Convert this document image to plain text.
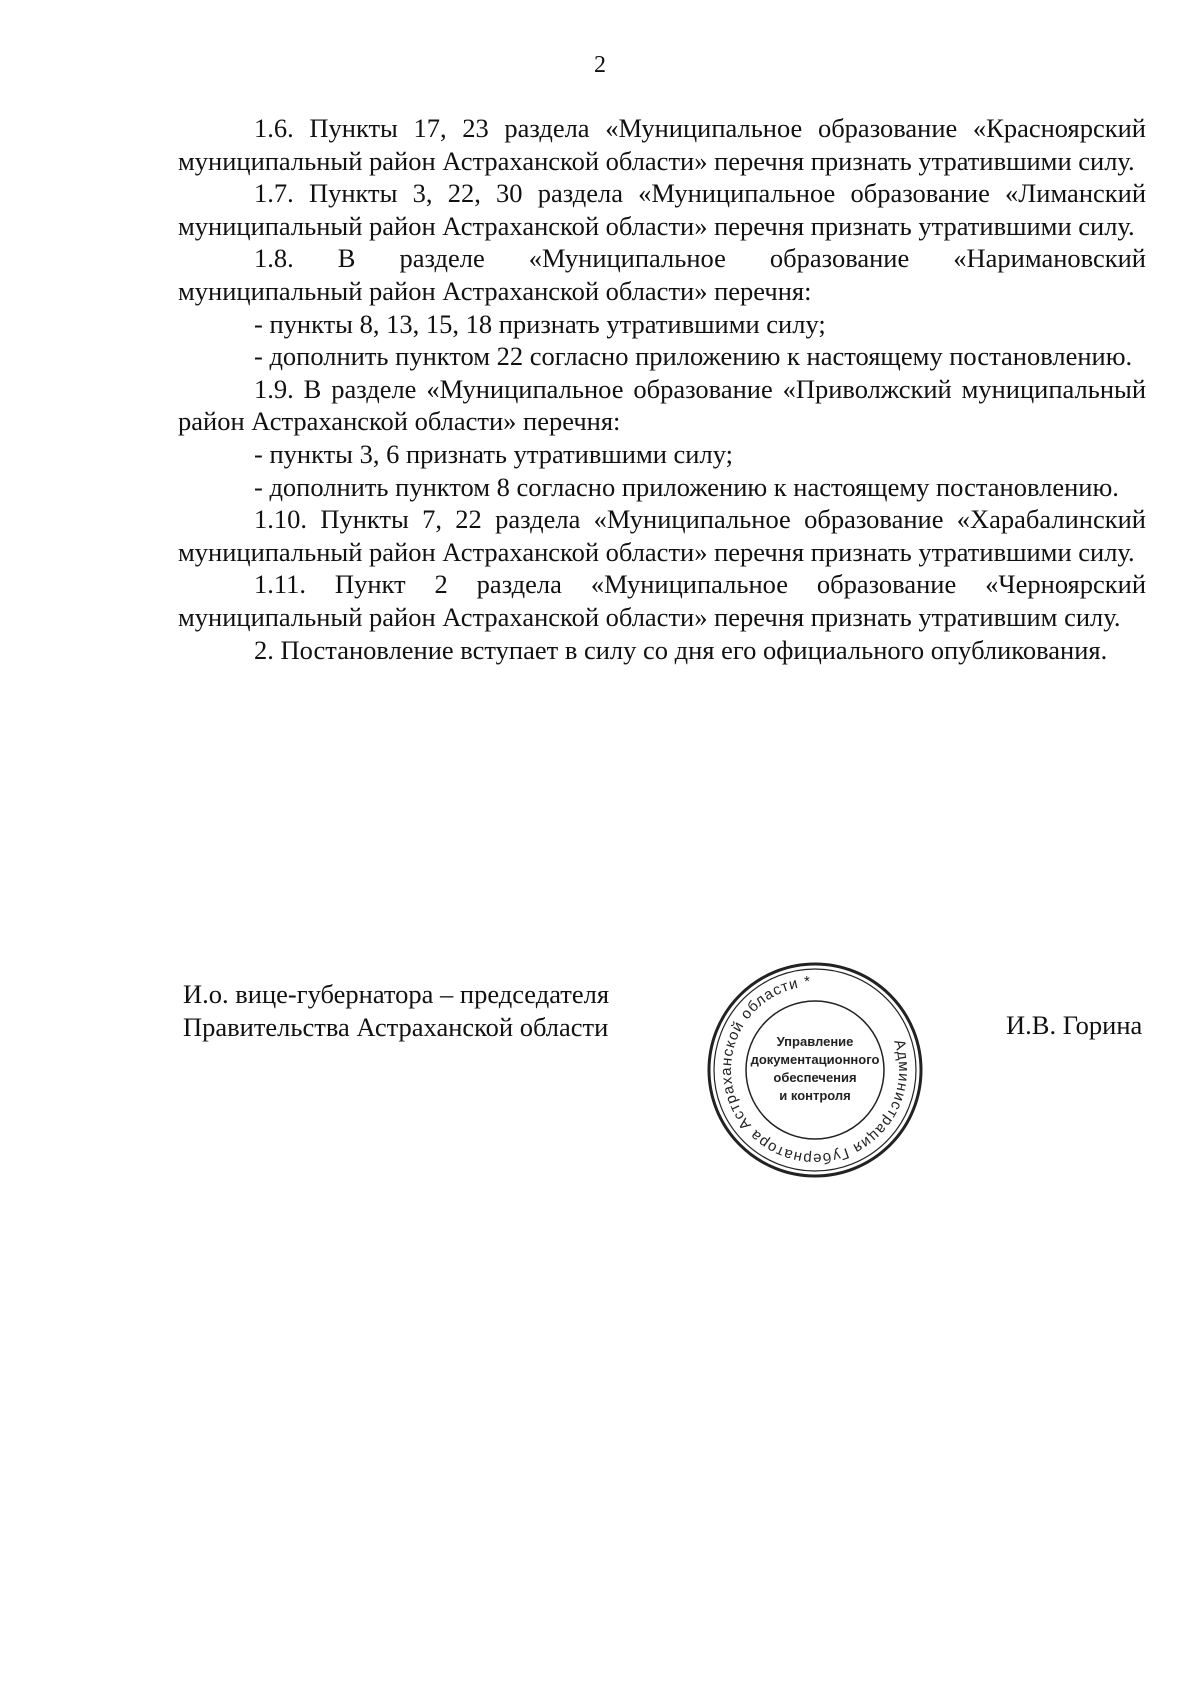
2

1.6. Пункты 17, 23 раздела «Муниципальное образование «Красноярский муниципальный район Астраханской области» перечня признать утратившими силу.

1.7. Пункты 3, 22, 30 раздела «Муниципальное образование «Лиманский муниципальный район Астраханской области» перечня признать утратившими силу.

1.8. В разделе «Муниципальное образование «Наримановский муниципальный район Астраханской области» перечня:

- пункты 8, 13, 15, 18 признать утратившими силу;

- дополнить пунктом 22 согласно приложению к настоящему постановлению.

1.9. В разделе «Муниципальное образование «Приволжский муниципальный район Астраханской области» перечня:

- пункты 3, 6 признать утратившими силу;

- дополнить пунктом 8 согласно приложению к настоящему постановлению.

1.10. Пункты 7, 22 раздела «Муниципальное образование «Харабалинский муниципальный район Астраханской области» перечня признать утратившими силу.

1.11. Пункт 2 раздела «Муниципальное образование «Черноярский муниципальный район Астраханской области» перечня признать утратившим силу.

2. Постановление вступает в силу со дня его официального опубликования.

И.о. вице-губернатора – председателя
Правительства Астраханской области
Администрация Губернатора Астраханской области *
Управление
документационного
обеспечения
и контроля
И.В. Горина
